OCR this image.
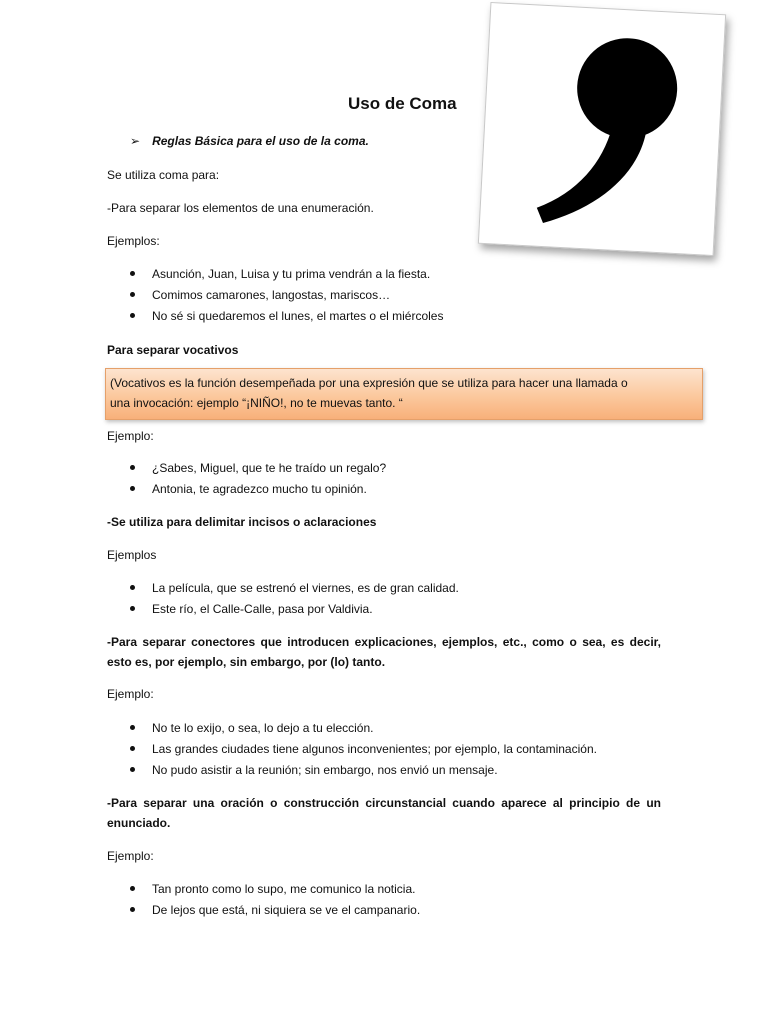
Uso de Coma

➢ Reglas Básica para el uso de la coma.

Se utiliza coma para:

-Para separar los elementos de una enumeración.

Ejemplos:

Asunción, Juan, Luisa y tu prima vendrán a la fiesta.
Comimos camarones, langostas, mariscos…
No sé si quedaremos el lunes, el martes o el miércoles

Para separar vocativos

(Vocativos es la función desempeñada por una expresión que se utiliza para hacer una llamada o
una invocación: ejemplo “¡NIÑO!, no te muevas tanto. “

Ejemplo:

¿Sabes, Miguel, que te he traído un regalo?
Antonia, te agradezco mucho tu opinión.

-Se utiliza para delimitar incisos o aclaraciones

Ejemplos

La película, que se estrenó el viernes, es de gran calidad.
Este río, el Calle-Calle, pasa por Valdivia.

-Para separar conectores que introducen explicaciones, ejemplos, etc., como o sea, es decir, esto es, por ejemplo, sin embargo, por (lo) tanto.

Ejemplo:

No te lo exijo, o sea, lo dejo a tu elección.
Las grandes ciudades tiene algunos inconvenientes; por ejemplo, la contaminación.
No pudo asistir a la reunión; sin embargo, nos envió un mensaje.

-Para separar una oración o construcción circunstancial cuando aparece al principio de un enunciado.

Ejemplo:

Tan pronto como lo supo, me comunico la noticia.
De lejos que está, ni siquiera se ve el campanario.
